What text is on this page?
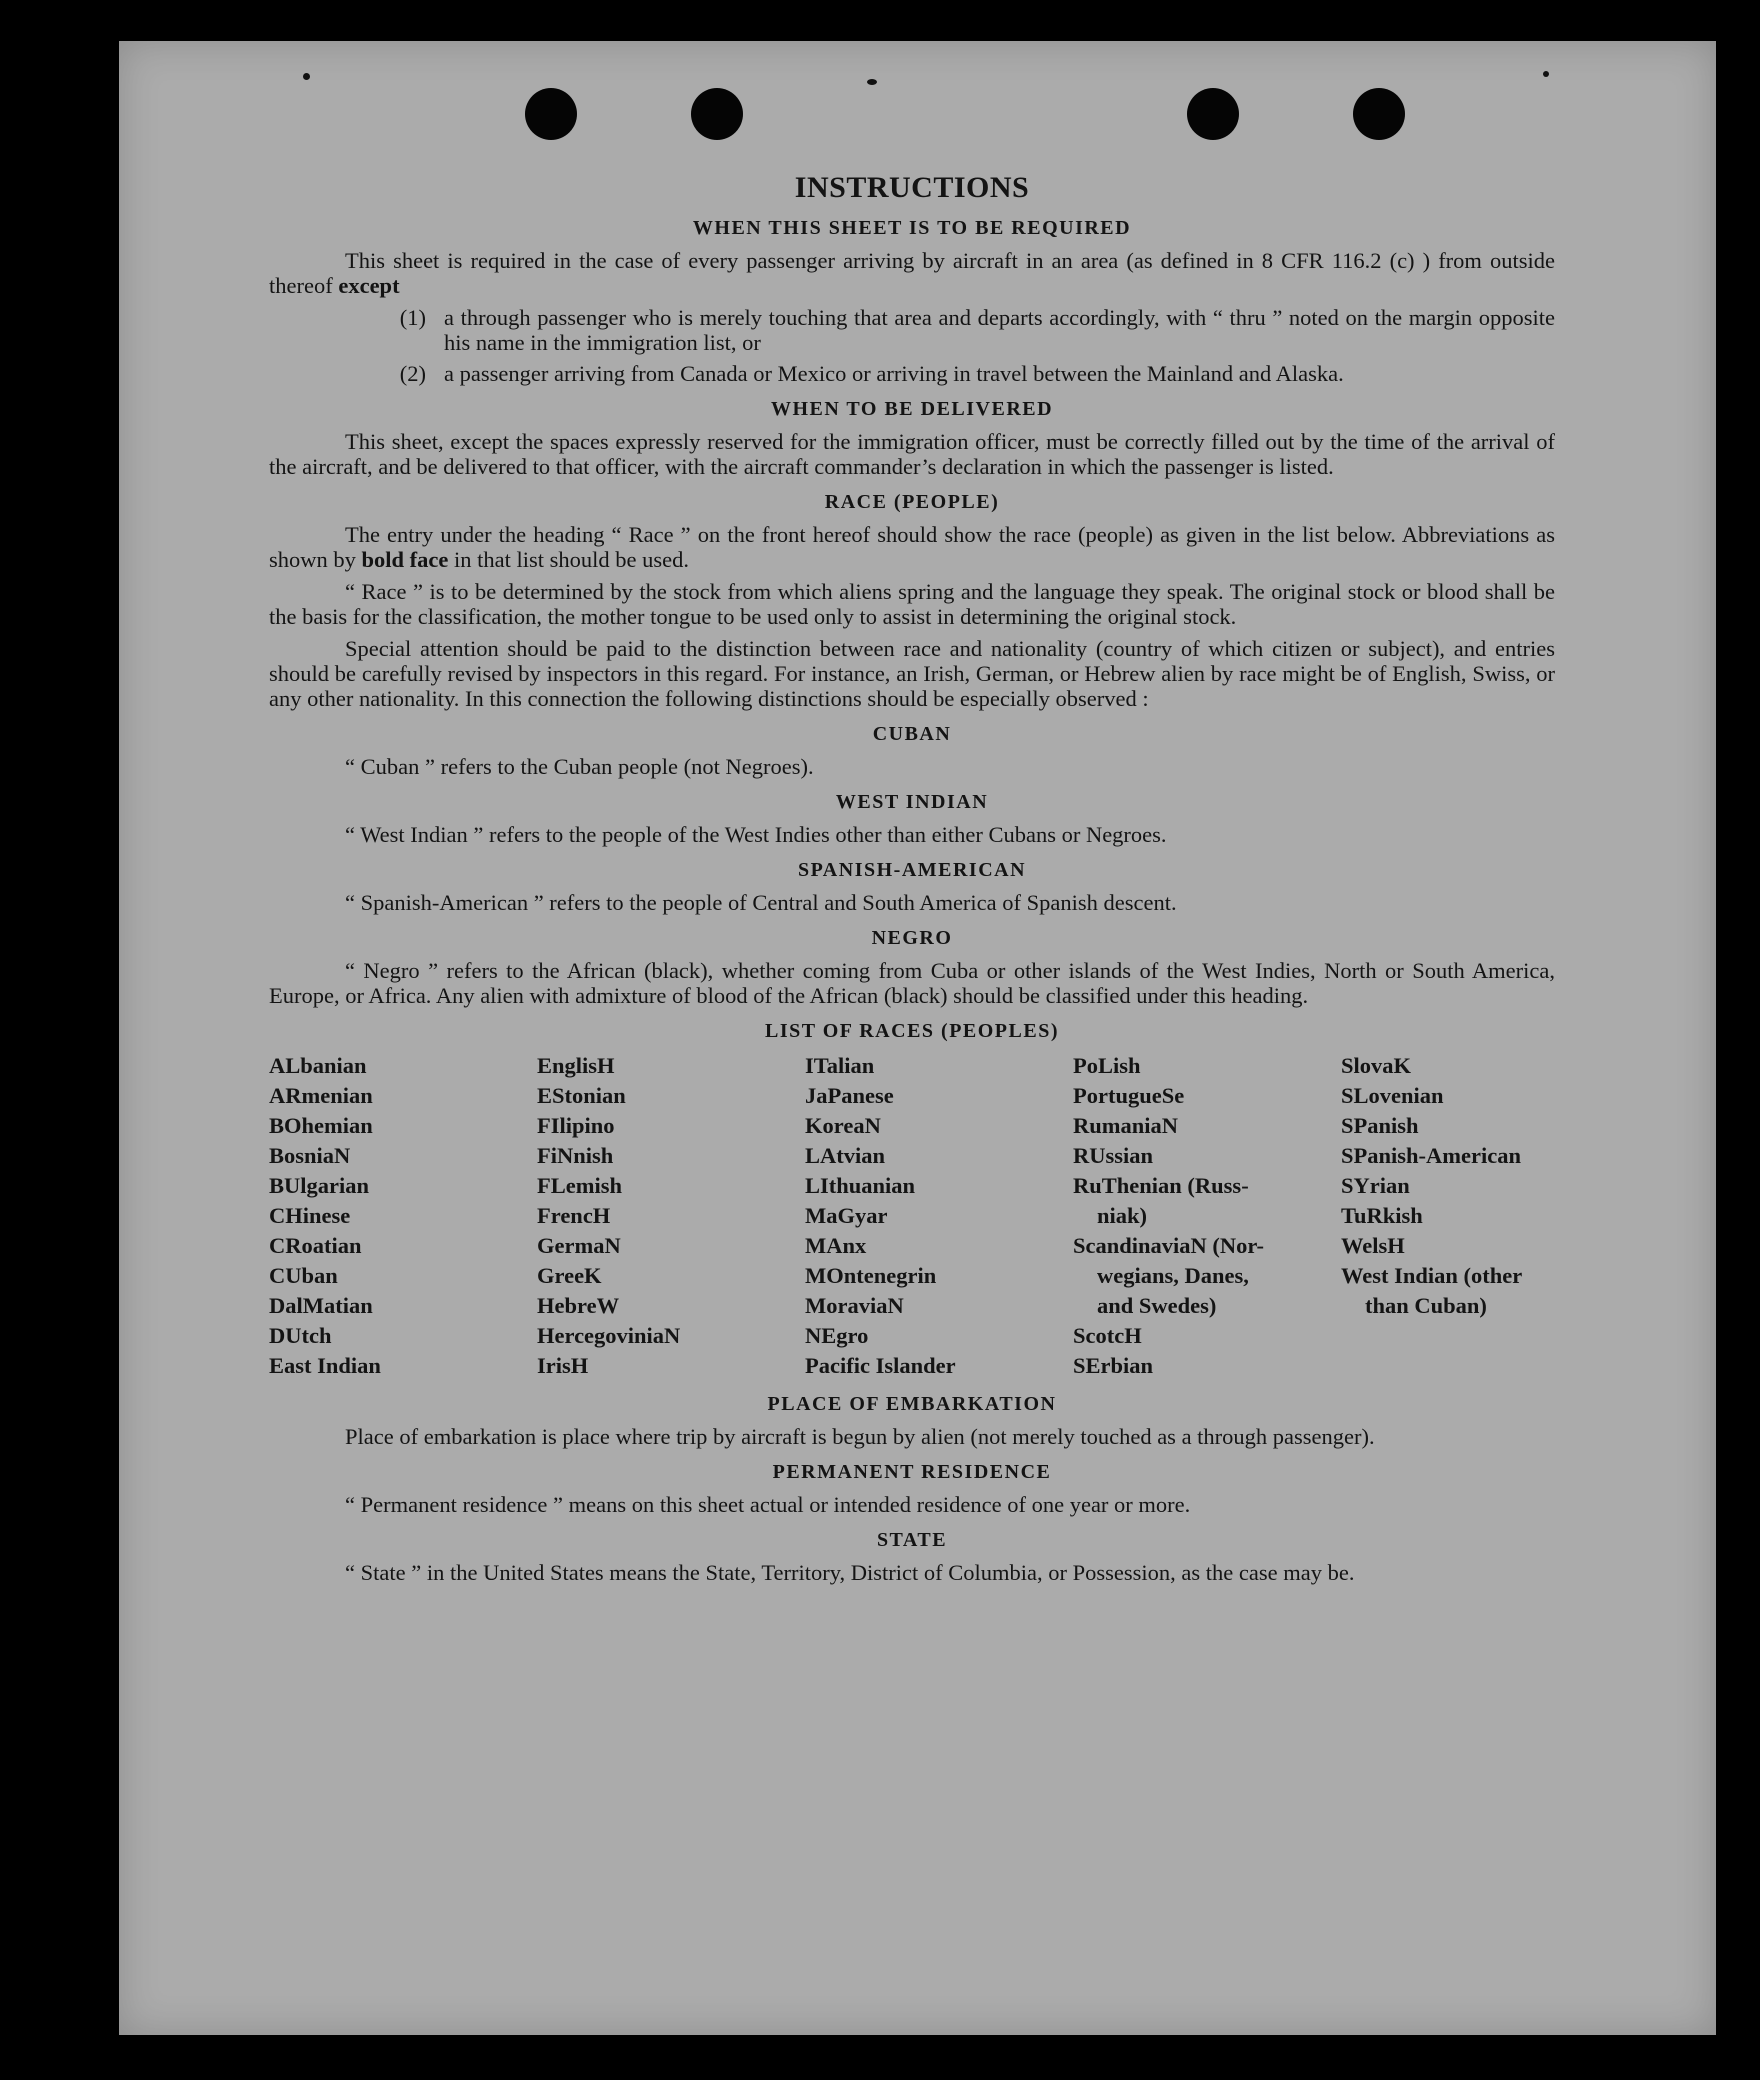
INSTRUCTIONS
WHEN THIS SHEET IS TO BE REQUIRED

This sheet is required in the case of every passenger arriving by aircraft in an area (as defined in 8 CFR 116.2 (c) ) from outside thereof except

(1) a through passenger who is merely touching that area and departs accordingly, with “ thru ” noted on the margin opposite his name in the immigration list, or
(2) a passenger arriving from Canada or Mexico or arriving in travel between the Mainland and Alaska.
WHEN TO BE DELIVERED

This sheet, except the spaces expressly reserved for the immigration officer, must be correctly filled out by the time of the arrival of the aircraft, and be delivered to that officer, with the aircraft commander’s declaration in which the passenger is listed.

RACE (PEOPLE)

The entry under the heading “ Race ” on the front hereof should show the race (people) as given in the list below. Abbreviations as shown by bold face in that list should be used.

“ Race ” is to be determined by the stock from which aliens spring and the language they speak. The original stock or blood shall be the basis for the classification, the mother tongue to be used only to assist in determining the original stock.

Special attention should be paid to the distinction between race and nationality (country of which citizen or subject), and entries should be carefully revised by inspectors in this regard. For instance, an Irish, German, or Hebrew alien by race might be of English, Swiss, or any other nationality. In this connection the following distinctions should be especially observed :

CUBAN

“ Cuban ” refers to the Cuban people (not Negroes).

WEST INDIAN

“ West Indian ” refers to the people of the West Indies other than either Cubans or Negroes.

SPANISH-AMERICAN

“ Spanish-American ” refers to the people of Central and South America of Spanish descent.

NEGRO

“ Negro ” refers to the African (black), whether coming from Cuba or other islands of the West Indies, North or South America, Europe, or Africa. Any alien with admixture of blood of the African (black) should be classified under this heading.

LIST OF RACES (PEOPLES)
ALbanian
ARmenian
BOhemian
BosniaN
BUlgarian
CHinese
CRoatian
CUban
DalMatian
DUtch
East Indian
EnglisH
EStonian
FIlipino
FiNnish
FLemish
FrencH
GermaN
GreeK
HebreW
HercegoviniaN
IrisH
ITalian
JaPanese
KoreaN
LAtvian
LIthuanian
MaGyar
MAnx
MOntenegrin
MoraviaN
NEgro
Pacific Islander
PoLish
PortugueSe
RumaniaN
RUssian
RuThenian (Russ-
niak)
ScandinaviaN (Nor-
wegians, Danes,
and Swedes)
ScotcH
SErbian
SlovaK
SLovenian
SPanish
SPanish-American
SYrian
TuRkish
WelsH
West Indian (other
than Cuban)
PLACE OF EMBARKATION

Place of embarkation is place where trip by aircraft is begun by alien (not merely touched as a through passenger).

PERMANENT RESIDENCE

“ Permanent residence ” means on this sheet actual or intended residence of one year or more.

STATE

“ State ” in the United States means the State, Territory, District of Columbia, or Possession, as the case may be.
